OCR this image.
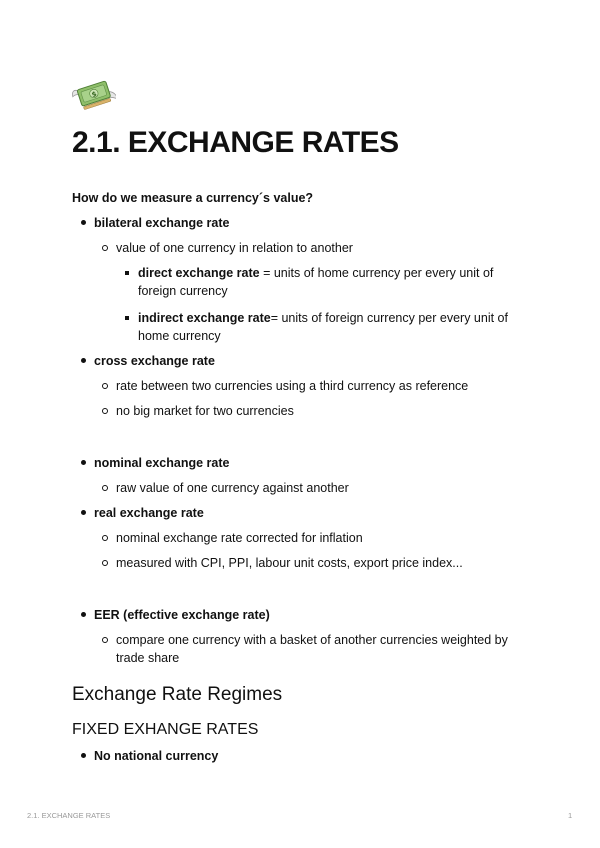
$
2.1. EXCHANGE RATES
How do we measure a currency´s value?
bilateral exchange rate
value of one currency in relation to another
direct exchange rate = units of home currency per every unit of
foreign currency
indirect exchange rate= units of foreign currency per every unit of
home currency
cross exchange rate
rate between two currencies using a third currency as reference
no big market for two currencies
nominal exchange rate
raw value of one currency against another
real exchange rate
nominal exchange rate corrected for inflation
measured with CPI, PPI, labour unit costs, export price index...
EER (effective exchange rate)
compare one currency with a basket of another currencies weighted by
trade share
Exchange Rate Regimes
FIXED EXHANGE RATES
No national currency
2.1. EXCHANGE RATES	1
